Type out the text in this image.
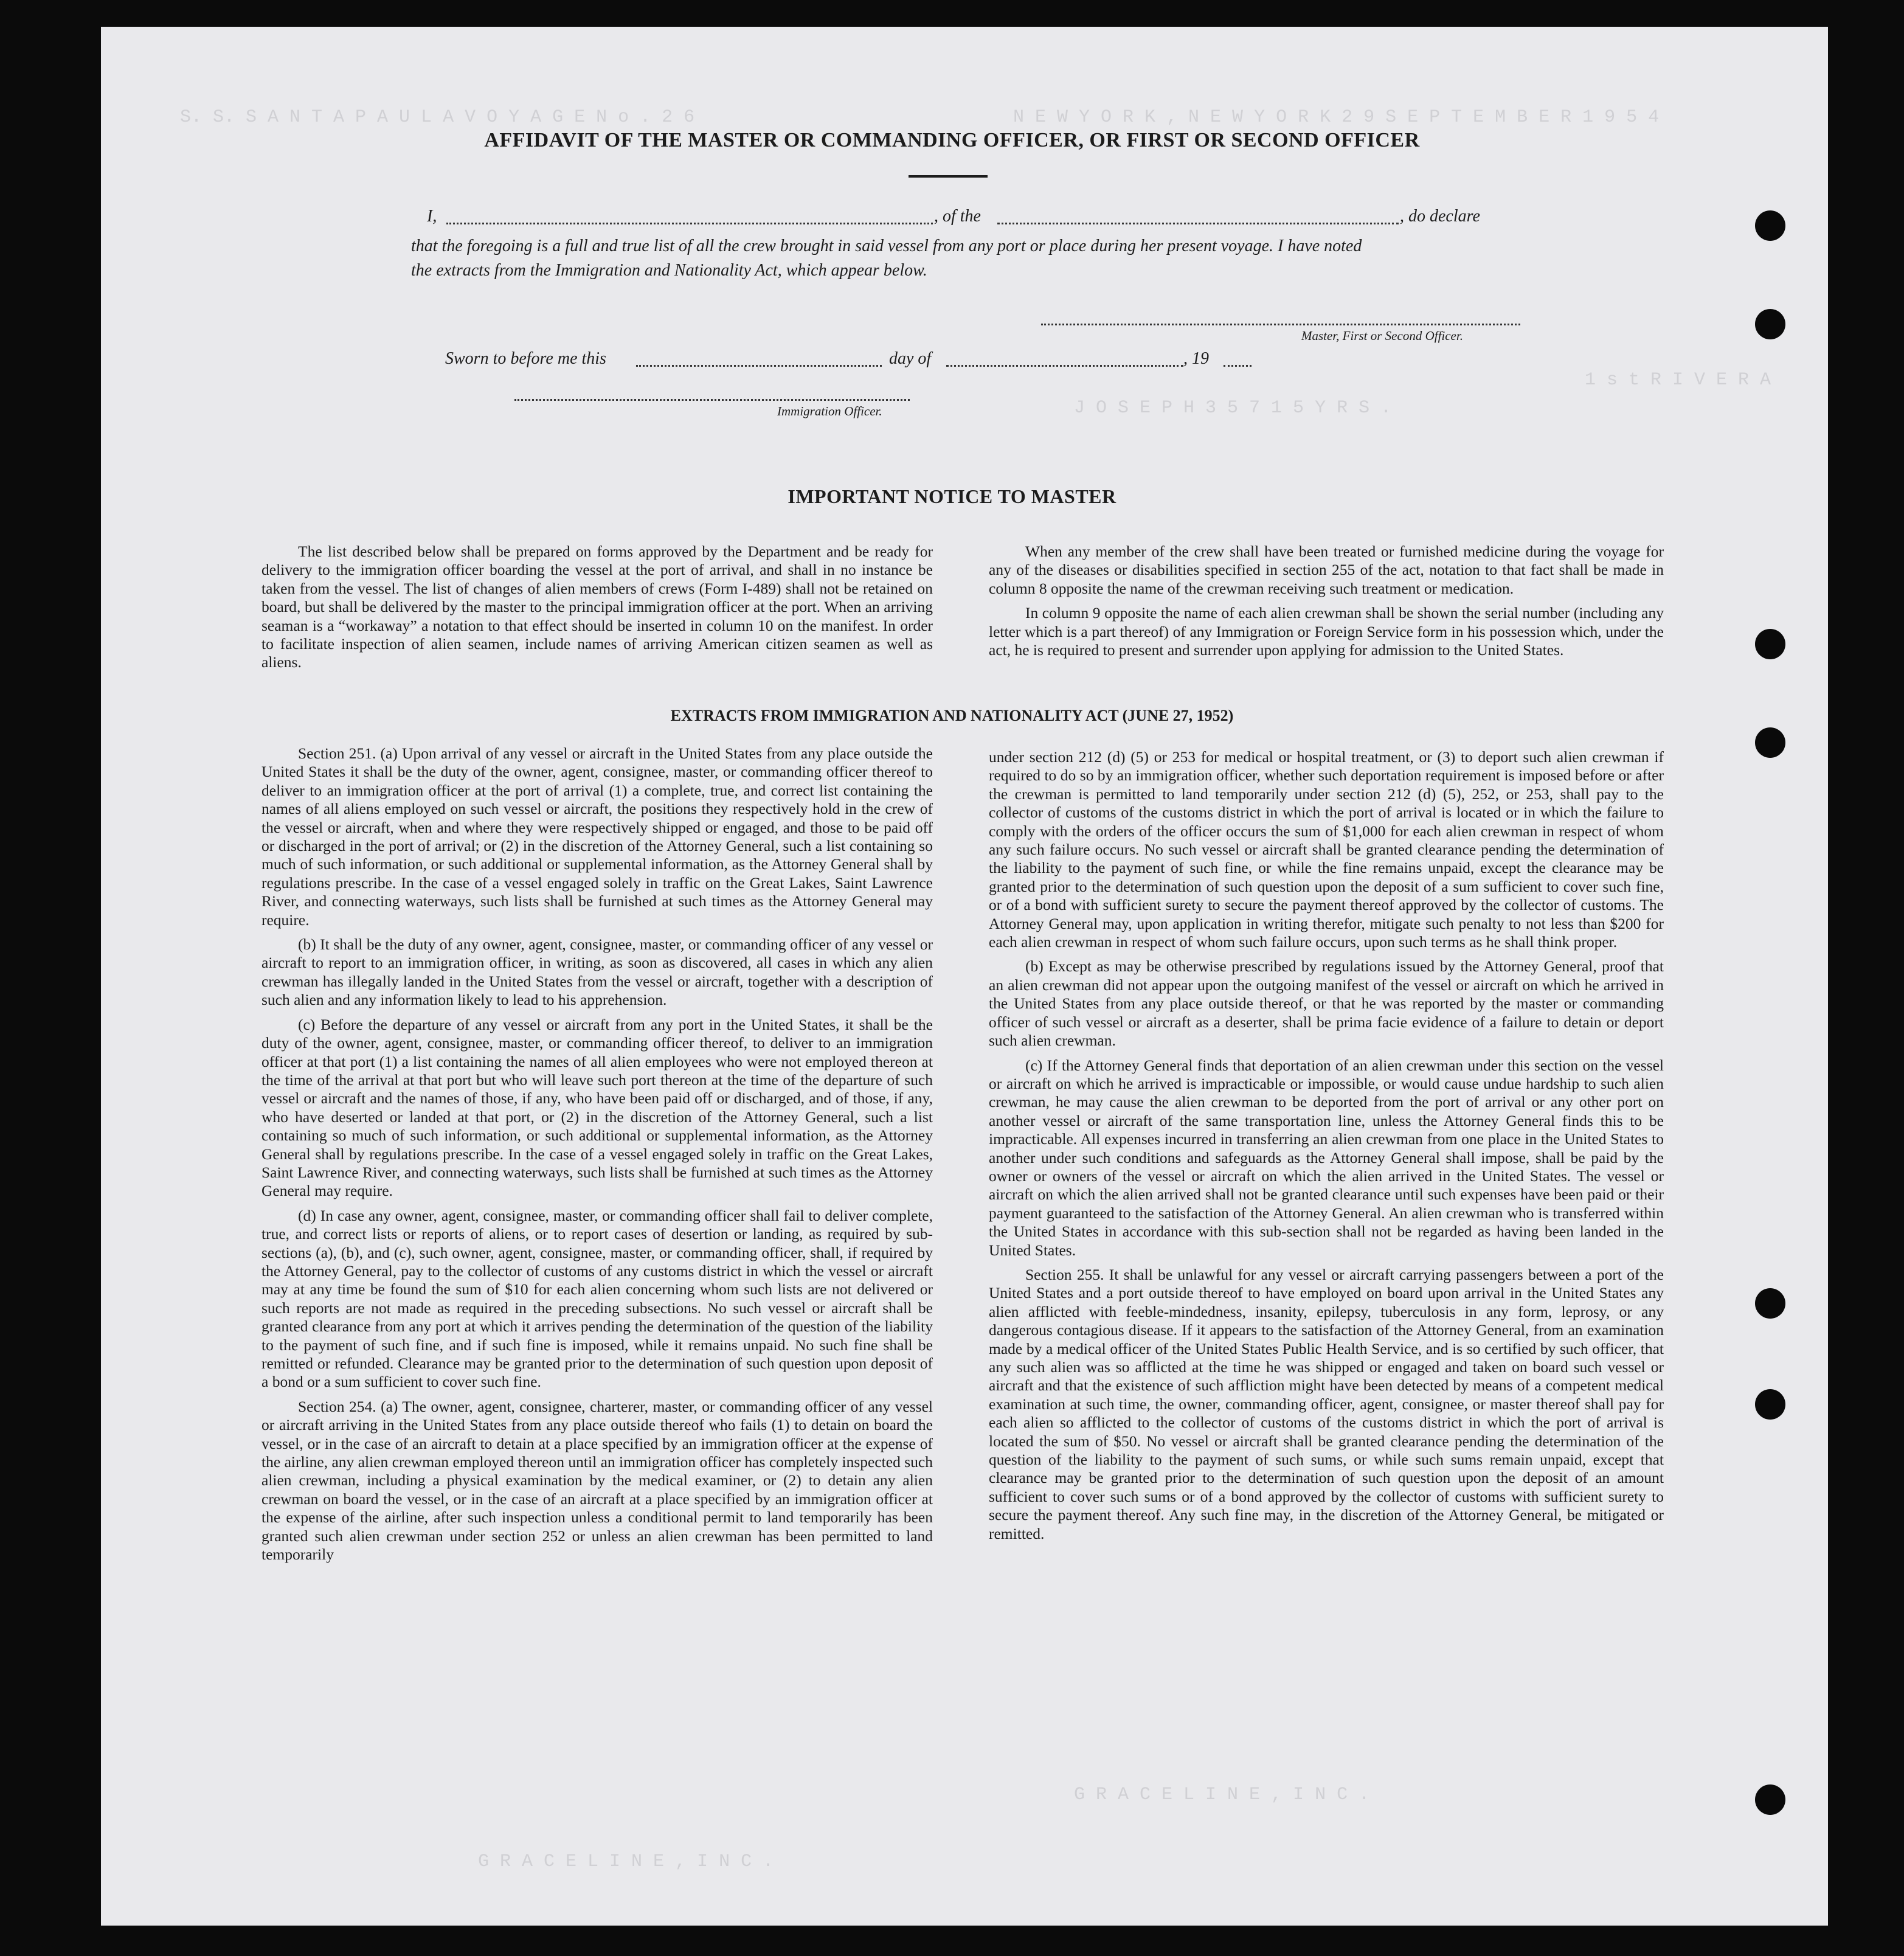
S. S. S A N T A P A U L A V O Y A G E N o . 2 6	N E W Y O R K , N E W Y O R K 2 9 S E P T E M B E R 1 9 5 4
1 s t R I V E R A
J O S E P H 3 5 7 1 5 Y R S .
G R A C E L I N E , I N C .
G R A C E L I N E , I N C .
AFFIDAVIT OF THE MASTER OR COMMANDING OFFICER, OR FIRST OR SECOND OFFICER
I,	, of the	, do declare
that the foregoing is a full and true list of all the crew brought in said vessel from any port or place during her present voyage. I have noted
the extracts from the Immigration and Nationality Act, which appear below.
Master, First or Second Officer.
Sworn to before me this	day of	, 19
Immigration Officer.
IMPORTANT NOTICE TO MASTER

The list described below shall be prepared on forms approved by the Department and be ready for delivery to the immigration officer boarding the vessel at the port of arrival, and shall in no instance be taken from the vessel. The list of changes of alien members of crews (Form I-489) shall not be retained on board, but shall be delivered by the master to the principal immigration officer at the port. When an arriving seaman is a “workaway” a notation to that effect should be inserted in column 10 on the manifest. In order to facilitate inspection of alien seamen, include names of arriving American citizen seamen as well as aliens.

When any member of the crew shall have been treated or furnished medicine during the voyage for any of the diseases or disabilities specified in section 255 of the act, notation to that fact shall be made in column 8 opposite the name of the crewman receiving such treatment or medication.

In column 9 opposite the name of each alien crewman shall be shown the serial number (including any letter which is a part thereof) of any Immigration or Foreign Service form in his possession which, under the act, he is required to present and surrender upon applying for admission to the United States.

EXTRACTS FROM IMMIGRATION AND NATIONALITY ACT (JUNE 27, 1952)

Section 251. (a) Upon arrival of any vessel or aircraft in the United States from any place outside the United States it shall be the duty of the owner, agent, consignee, master, or commanding officer thereof to deliver to an immigration officer at the port of arrival (1) a complete, true, and correct list containing the names of all aliens employed on such vessel or aircraft, the positions they respectively hold in the crew of the vessel or aircraft, when and where they were respectively shipped or engaged, and those to be paid off or discharged in the port of arrival; or (2) in the discretion of the Attorney General, such a list containing so much of such information, or such additional or supplemental information, as the Attorney General shall by regulations prescribe. In the case of a vessel engaged solely in traffic on the Great Lakes, Saint Lawrence River, and connecting waterways, such lists shall be furnished at such times as the Attorney General may require.

(b) It shall be the duty of any owner, agent, consignee, master, or commanding officer of any vessel or aircraft to report to an immigration officer, in writing, as soon as discovered, all cases in which any alien crewman has illegally landed in the United States from the vessel or aircraft, together with a description of such alien and any information likely to lead to his apprehension.

(c) Before the departure of any vessel or aircraft from any port in the United States, it shall be the duty of the owner, agent, consignee, master, or commanding officer thereof, to deliver to an immigration officer at that port (1) a list containing the names of all alien employees who were not employed thereon at the time of the arrival at that port but who will leave such port thereon at the time of the departure of such vessel or aircraft and the names of those, if any, who have been paid off or discharged, and of those, if any, who have deserted or landed at that port, or (2) in the discretion of the Attorney General, such a list containing so much of such information, or such additional or supplemental information, as the Attorney General shall by regulations prescribe. In the case of a vessel engaged solely in traffic on the Great Lakes, Saint Lawrence River, and connecting waterways, such lists shall be furnished at such times as the Attorney General may require.

(d) In case any owner, agent, consignee, master, or commanding officer shall fail to deliver complete, true, and correct lists or reports of aliens, or to report cases of desertion or landing, as required by sub-sections (a), (b), and (c), such owner, agent, consignee, master, or commanding officer, shall, if required by the Attorney General, pay to the collector of customs of any customs district in which the vessel or aircraft may at any time be found the sum of $10 for each alien concerning whom such lists are not delivered or such reports are not made as required in the preceding subsections. No such vessel or aircraft shall be granted clearance from any port at which it arrives pending the determination of the question of the liability to the payment of such fine, and if such fine is imposed, while it remains unpaid. No such fine shall be remitted or refunded. Clearance may be granted prior to the determination of such question upon deposit of a bond or a sum sufficient to cover such fine.

Section 254. (a) The owner, agent, consignee, charterer, master, or commanding officer of any vessel or aircraft arriving in the United States from any place outside thereof who fails (1) to detain on board the vessel, or in the case of an aircraft to detain at a place specified by an immigration officer at the expense of the airline, any alien crewman employed thereon until an immigration officer has completely inspected such alien crewman, including a physical examination by the medical examiner, or (2) to detain any alien crewman on board the vessel, or in the case of an aircraft at a place specified by an immigration officer at the expense of the airline, after such inspection unless a conditional permit to land temporarily has been granted such alien crewman under section 252 or unless an alien crewman has been permitted to land temporarily

under section 212 (d) (5) or 253 for medical or hospital treatment, or (3) to deport such alien crewman if required to do so by an immigration officer, whether such deportation requirement is imposed before or after the crewman is permitted to land temporarily under section 212 (d) (5), 252, or 253, shall pay to the collector of customs of the customs district in which the port of arrival is located or in which the failure to comply with the orders of the officer occurs the sum of $1,000 for each alien crewman in respect of whom any such failure occurs. No such vessel or aircraft shall be granted clearance pending the determination of the liability to the payment of such fine, or while the fine remains unpaid, except the clearance may be granted prior to the determination of such question upon the deposit of a sum sufficient to cover such fine, or of a bond with sufficient surety to secure the payment thereof approved by the collector of customs. The Attorney General may, upon application in writing therefor, mitigate such penalty to not less than $200 for each alien crewman in respect of whom such failure occurs, upon such terms as he shall think proper.

(b) Except as may be otherwise prescribed by regulations issued by the Attorney General, proof that an alien crewman did not appear upon the outgoing manifest of the vessel or aircraft on which he arrived in the United States from any place outside thereof, or that he was reported by the master or commanding officer of such vessel or aircraft as a deserter, shall be prima facie evidence of a failure to detain or deport such alien crewman.

(c) If the Attorney General finds that deportation of an alien crewman under this section on the vessel or aircraft on which he arrived is impracticable or impossible, or would cause undue hardship to such alien crewman, he may cause the alien crewman to be deported from the port of arrival or any other port on another vessel or aircraft of the same transportation line, unless the Attorney General finds this to be impracticable. All expenses incurred in transferring an alien crewman from one place in the United States to another under such conditions and safeguards as the Attorney General shall impose, shall be paid by the owner or owners of the vessel or aircraft on which the alien arrived in the United States. The vessel or aircraft on which the alien arrived shall not be granted clearance until such expenses have been paid or their payment guaranteed to the satisfaction of the Attorney General. An alien crewman who is transferred within the United States in accordance with this sub-section shall not be regarded as having been landed in the United States.

Section 255. It shall be unlawful for any vessel or aircraft carrying passengers between a port of the United States and a port outside thereof to have employed on board upon arrival in the United States any alien afflicted with feeble-mindedness, insanity, epilepsy, tuberculosis in any form, leprosy, or any dangerous contagious disease. If it appears to the satisfaction of the Attorney General, from an examination made by a medical officer of the United States Public Health Service, and is so certified by such officer, that any such alien was so afflicted at the time he was shipped or engaged and taken on board such vessel or aircraft and that the existence of such affliction might have been detected by means of a competent medical examination at such time, the owner, commanding officer, agent, consignee, or master thereof shall pay for each alien so afflicted to the collector of customs of the customs district in which the port of arrival is located the sum of $50. No vessel or aircraft shall be granted clearance pending the determination of the question of the liability to the payment of such sums, or while such sums remain unpaid, except that clearance may be granted prior to the determination of such question upon the deposit of an amount sufficient to cover such sums or of a bond approved by the collector of customs with sufficient surety to secure the payment thereof. Any such fine may, in the discretion of the Attorney General, be mitigated or remitted.
